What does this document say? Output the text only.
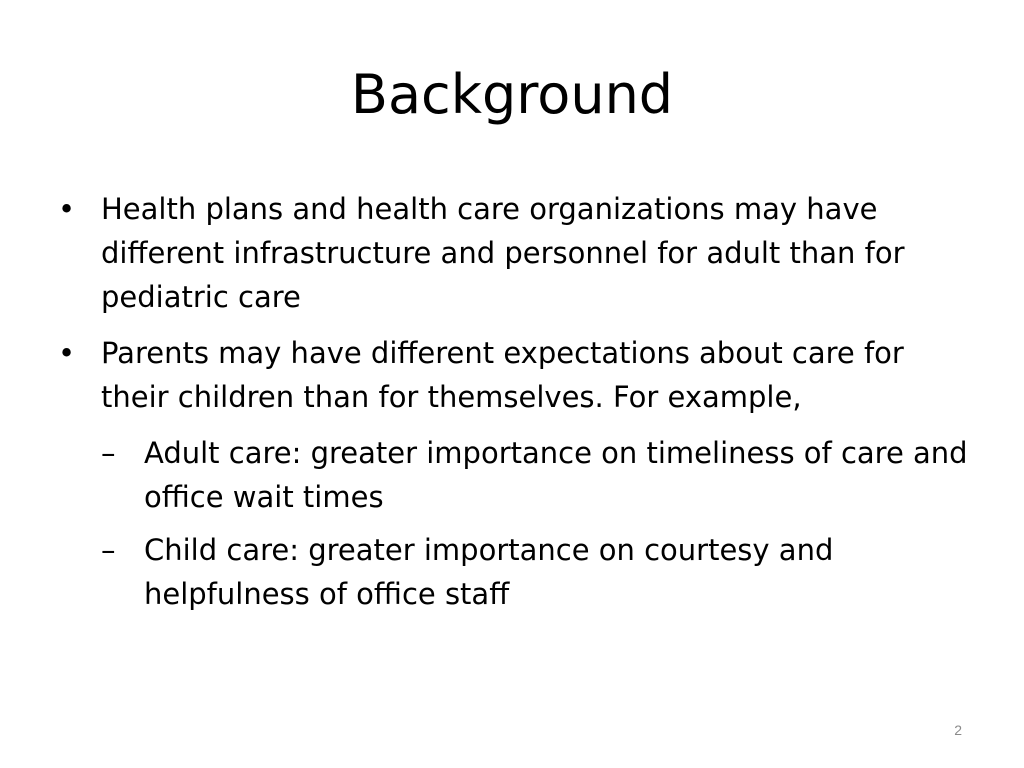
Background
• Health plans and health care organizations may have different infrastructure and personnel for adult than for pediatric care
• Parents may have different expectations about care for their children than for themselves. For example,
– Adult care: greater importance on timeliness of care and office wait times
– Child care: greater importance on courtesy and helpfulness of office staff
2
